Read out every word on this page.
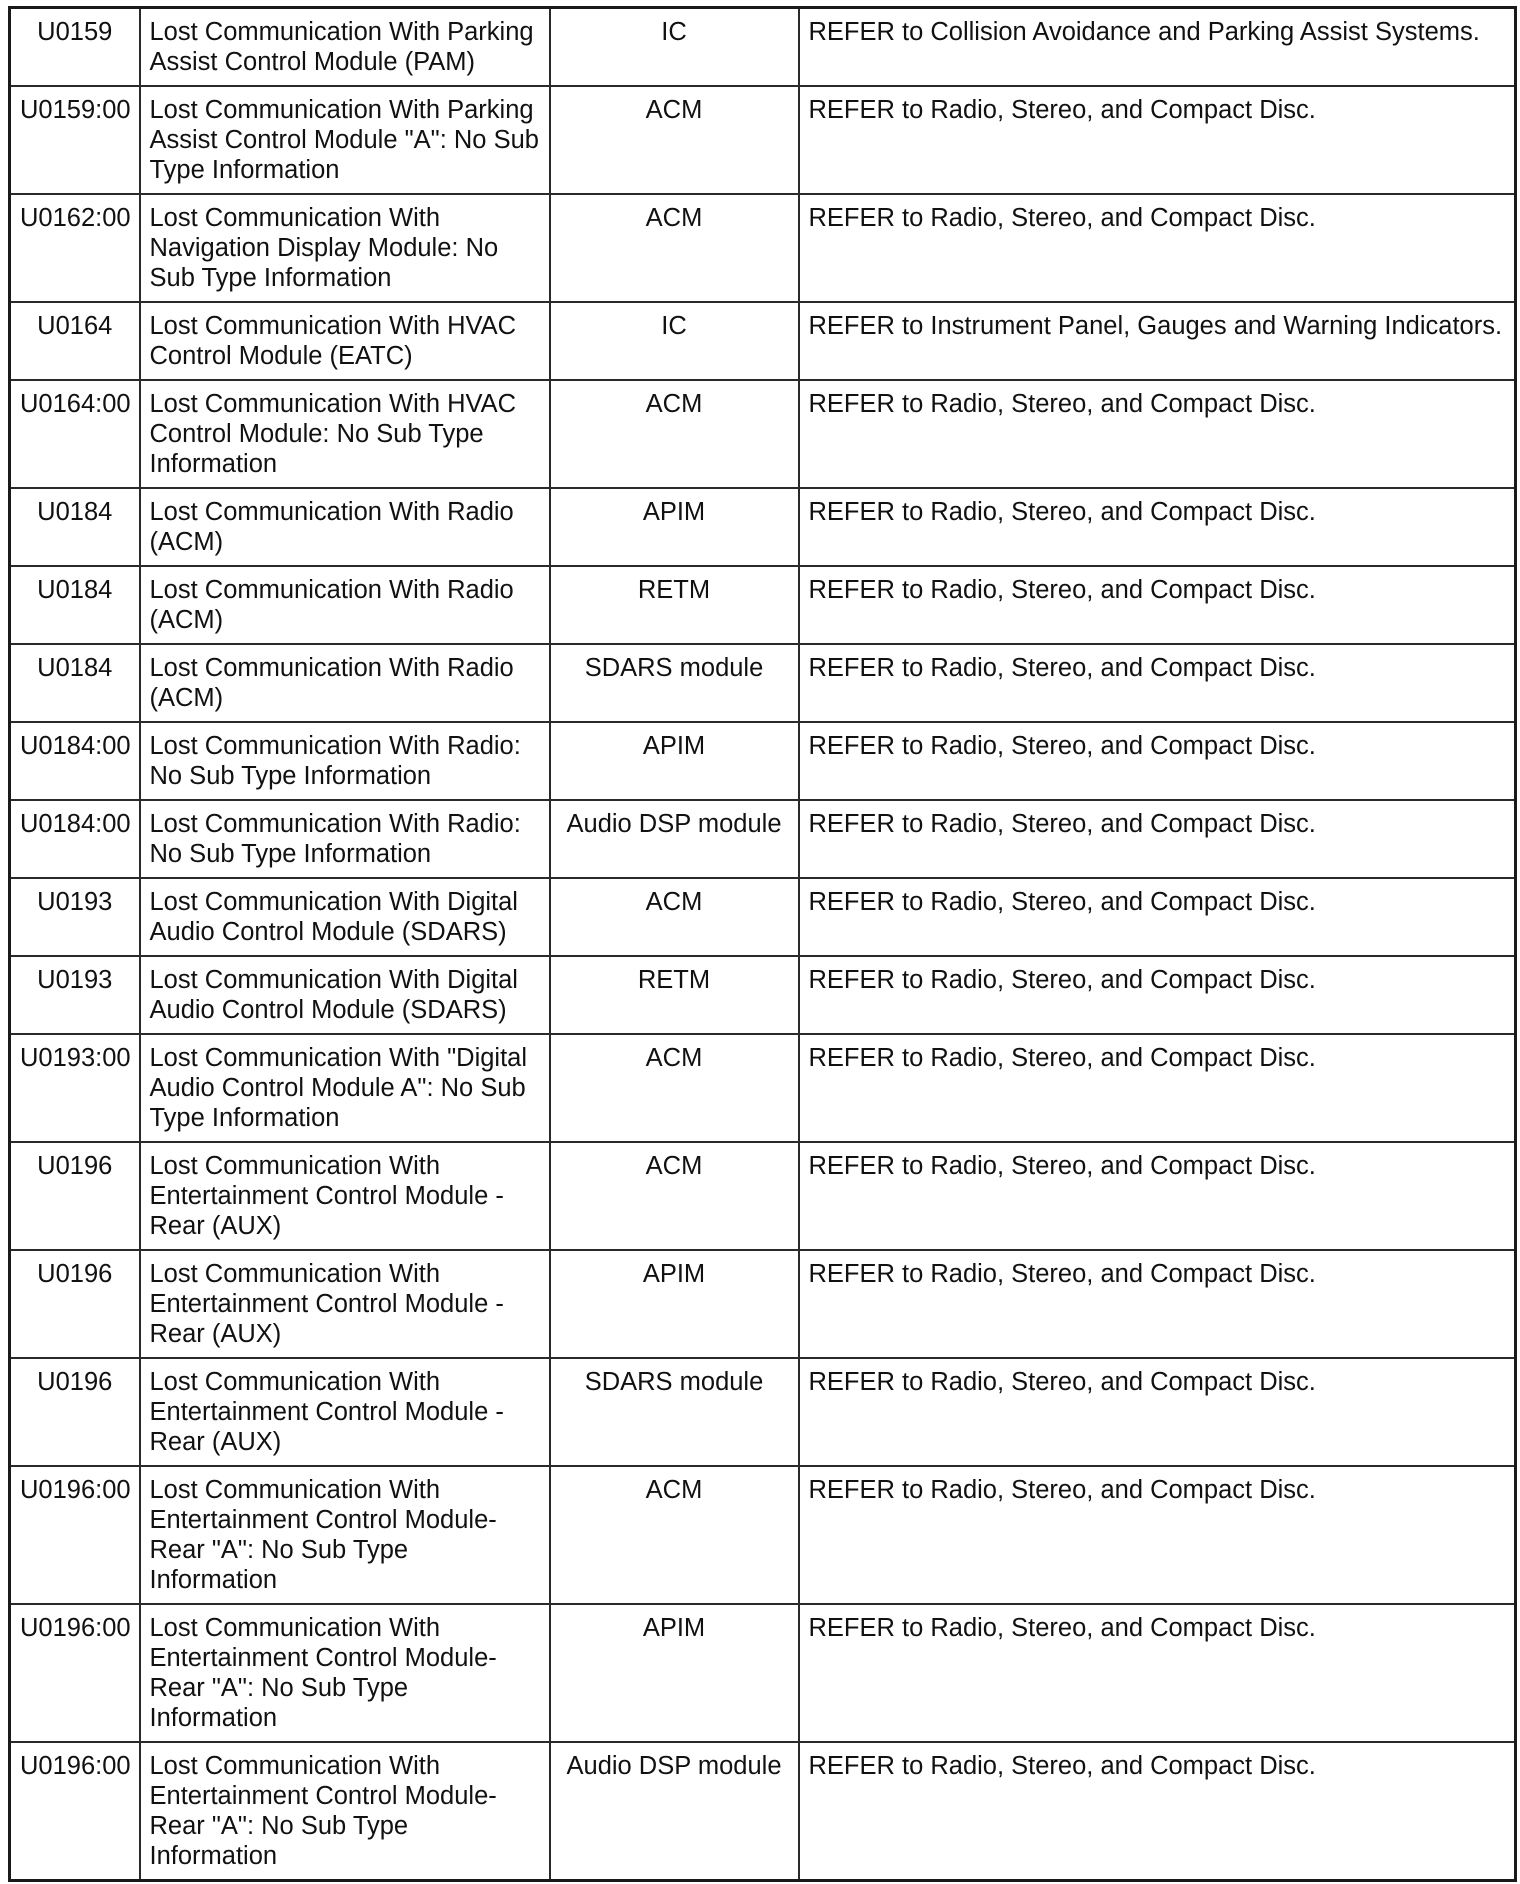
U0159	Lost Communication With Parking Assist Control Module (PAM)	IC	REFER to Collision Avoidance and Parking Assist Systems.
U0159:00	Lost Communication With Parking Assist Control Module "A": No Sub Type Information	ACM	REFER to Radio, Stereo, and Compact Disc.
U0162:00	Lost Communication With Navigation Display Module: No Sub Type Information	ACM	REFER to Radio, Stereo, and Compact Disc.
U0164	Lost Communication With HVAC Control Module (EATC)	IC	REFER to Instrument Panel, Gauges and Warning Indicators.
U0164:00	Lost Communication With HVAC Control Module: No Sub Type Information	ACM	REFER to Radio, Stereo, and Compact Disc.
U0184	Lost Communication With Radio (ACM)	APIM	REFER to Radio, Stereo, and Compact Disc.
U0184	Lost Communication With Radio (ACM)	RETM	REFER to Radio, Stereo, and Compact Disc.
U0184	Lost Communication With Radio (ACM)	SDARS module	REFER to Radio, Stereo, and Compact Disc.
U0184:00	Lost Communication With Radio: No Sub Type Information	APIM	REFER to Radio, Stereo, and Compact Disc.
U0184:00	Lost Communication With Radio: No Sub Type Information	Audio DSP module	REFER to Radio, Stereo, and Compact Disc.
U0193	Lost Communication With Digital Audio Control Module (SDARS)	ACM	REFER to Radio, Stereo, and Compact Disc.
U0193	Lost Communication With Digital Audio Control Module (SDARS)	RETM	REFER to Radio, Stereo, and Compact Disc.
U0193:00	Lost Communication With "Digital Audio Control Module A": No Sub Type Information	ACM	REFER to Radio, Stereo, and Compact Disc.
U0196	Lost Communication With Entertainment Control Module - Rear (AUX)	ACM	REFER to Radio, Stereo, and Compact Disc.
U0196	Lost Communication With Entertainment Control Module - Rear (AUX)	APIM	REFER to Radio, Stereo, and Compact Disc.
U0196	Lost Communication With Entertainment Control Module - Rear (AUX)	SDARS module	REFER to Radio, Stereo, and Compact Disc.
U0196:00	Lost Communication With Entertainment Control Module-Rear "A": No Sub Type Information	ACM	REFER to Radio, Stereo, and Compact Disc.
U0196:00	Lost Communication With Entertainment Control Module-Rear "A": No Sub Type Information	APIM	REFER to Radio, Stereo, and Compact Disc.
U0196:00	Lost Communication With Entertainment Control Module-Rear "A": No Sub Type Information	Audio DSP module	REFER to Radio, Stereo, and Compact Disc.
